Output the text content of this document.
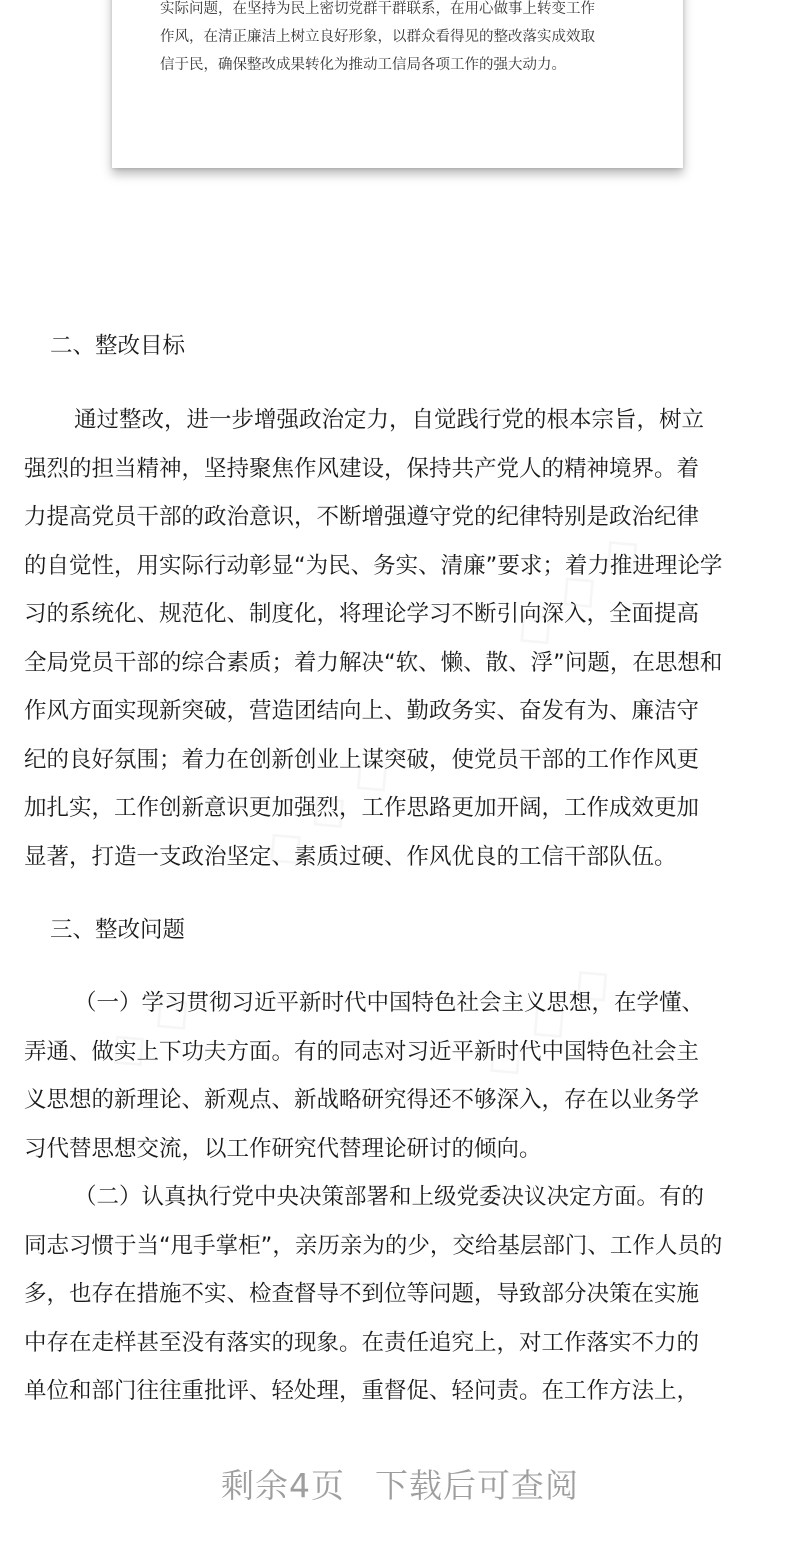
实际问题，在坚持为民上密切党群干群联系，在用心做事上转变工作
作风，在清正廉洁上树立良好形象，以群众看得见的整改落实成效取
信于民，确保整改成果转化为推动工信局各项工作的强大动力。
二、整改目标
通过整改，进一步增强政治定力，自觉践行党的根本宗旨，树立
强烈的担当精神，坚持聚焦作风建设，保持共产党人的精神境界。着
力提高党员干部的政治意识，不断增强遵守党的纪律特别是政治纪律
的自觉性，用实际行动彰显“为民、务实、清廉”要求；着力推进理论学
习的系统化、规范化、制度化，将理论学习不断引向深入，全面提高
全局党员干部的综合素质；着力解决“软、懒、散、浮”问题，在思想和
作风方面实现新突破，营造团结向上、勤政务实、奋发有为、廉洁守
纪的良好氛围；着力在创新创业上谋突破，使党员干部的工作作风更
加扎实，工作创新意识更加强烈，工作思路更加开阔，工作成效更加
显著，打造一支政治坚定、素质过硬、作风优良的工信干部队伍。
三、整改问题
（一）学习贯彻习近平新时代中国特色社会主义思想，在学懂、
弄通、做实上下功夫方面。有的同志对习近平新时代中国特色社会主
义思想的新理论、新观点、新战略研究得还不够深入，存在以业务学
习代替思想交流，以工作研究代替理论研讨的倾向。
（二）认真执行党中央决策部署和上级党委决议决定方面。有的
同志习惯于当“甩手掌柜”，亲历亲为的少，交给基层部门、工作人员的
多，也存在措施不实、检查督导不到位等问题，导致部分决策在实施
中存在走样甚至没有落实的现象。在责任追究上，对工作落实不力的
单位和部门往往重批评、轻处理，重督促、轻问责。在工作方法上，
剩余4页 下载后可查阅
